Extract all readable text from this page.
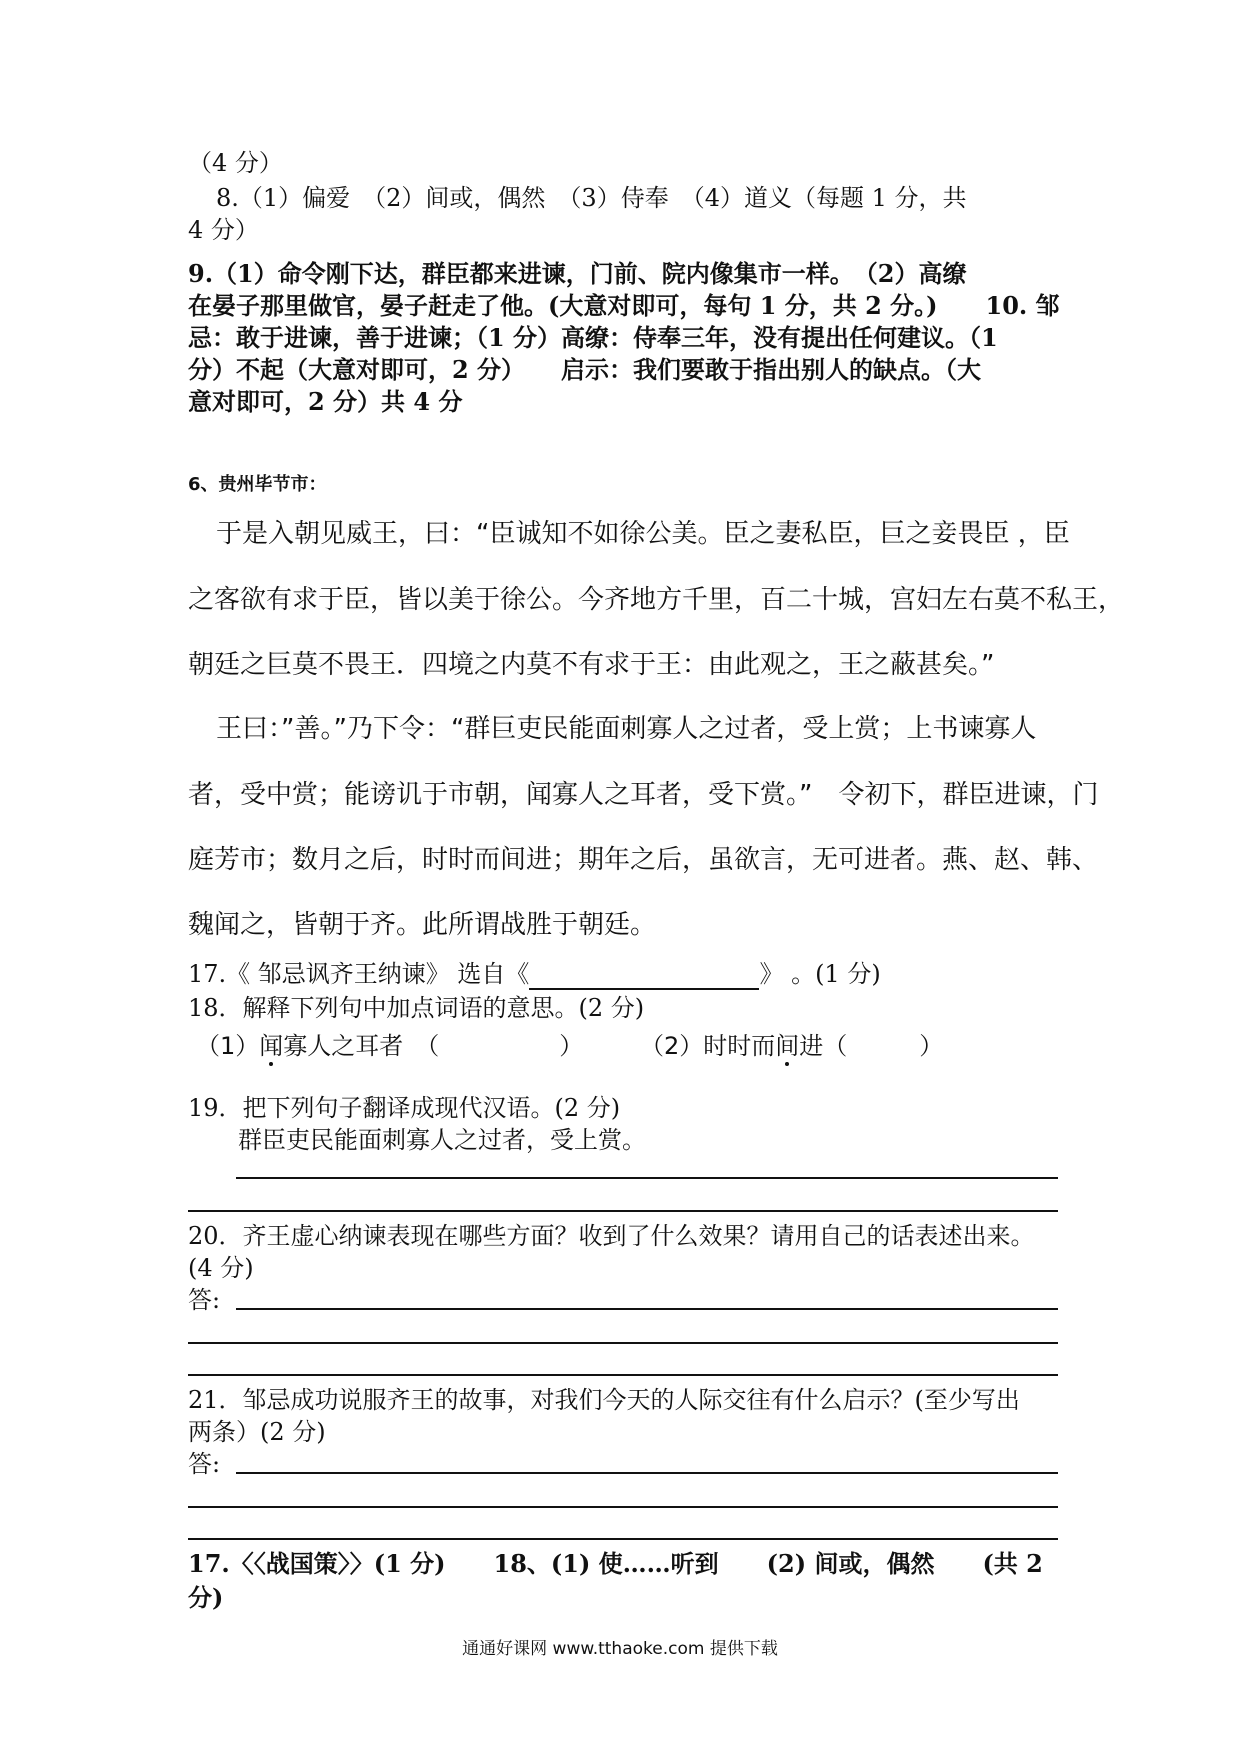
（4 分）
8.（1）偏爱　（2）间或，偶然　（3）侍奉　（4）道义（每题 1 分，共
4 分）
9.（1）命令刚下达，群臣都来进谏，门前、院内像集市一样。　（2）高缭
在晏子那里做官，晏子赶走了他。(大意对即可，每句 1 分，共 2 分。)　　10. 邹
忌：敢于进谏，善于进谏；（1 分）高缭：侍奉三年，没有提出任何建议。（1
分）不起（大意对即可，2 分）　　启示：我们要敢于指出别人的缺点。（大
意对即可，2 分）共 4 分
6、贵州毕节市：
于是入朝见威王，曰：“臣诚知不如徐公美。臣之妻私臣，巨之妾畏臣 ，臣
之客欲有求于臣，皆以美于徐公。今齐地方千里，百二十城，宫妇左右莫不私王，
朝廷之巨莫不畏王．四境之内莫不有求于王：由此观之，王之蔽甚矣。”
王曰：”善。”乃下令：“群巨吏民能面刺寡人之过者，受上赏；上书谏寡人
者，受中赏；能谤讥于市朝，闻寡人之耳者，受下赏。”　令初下，群臣进谏，门
庭芳市；数月之后，时时而间进；期年之后，虽欲言，无可进者。燕、赵、韩、
魏闻之，皆朝于齐。此所谓战胜于朝廷。
17.《 邹忌讽齐王纳谏》 选自《	》 。(1 分)
18．解释下列句中加点词语的意思。(2 分)
（1）闻寡人之耳者　（　　　　　） （2）时时而间进（　　　）
19．把下列句子翻译成现代汉语。(2 分)
群臣吏民能面刺寡人之过者，受上赏。
20．齐王虚心纳谏表现在哪些方面？收到了什么效果？请用自己的话表述出来。
(4 分)
答:
21．邹忌成功说服齐王的故事，对我们今天的人际交往有什么启示？(至少写出
两条）(2 分)
答:
17.〈〈战国策〉〉(1 分)　　18、(1) 使……听到　　(2) 间或，偶然　　(共 2
分)
通通好课网 www.tthaoke.com 提供下载
